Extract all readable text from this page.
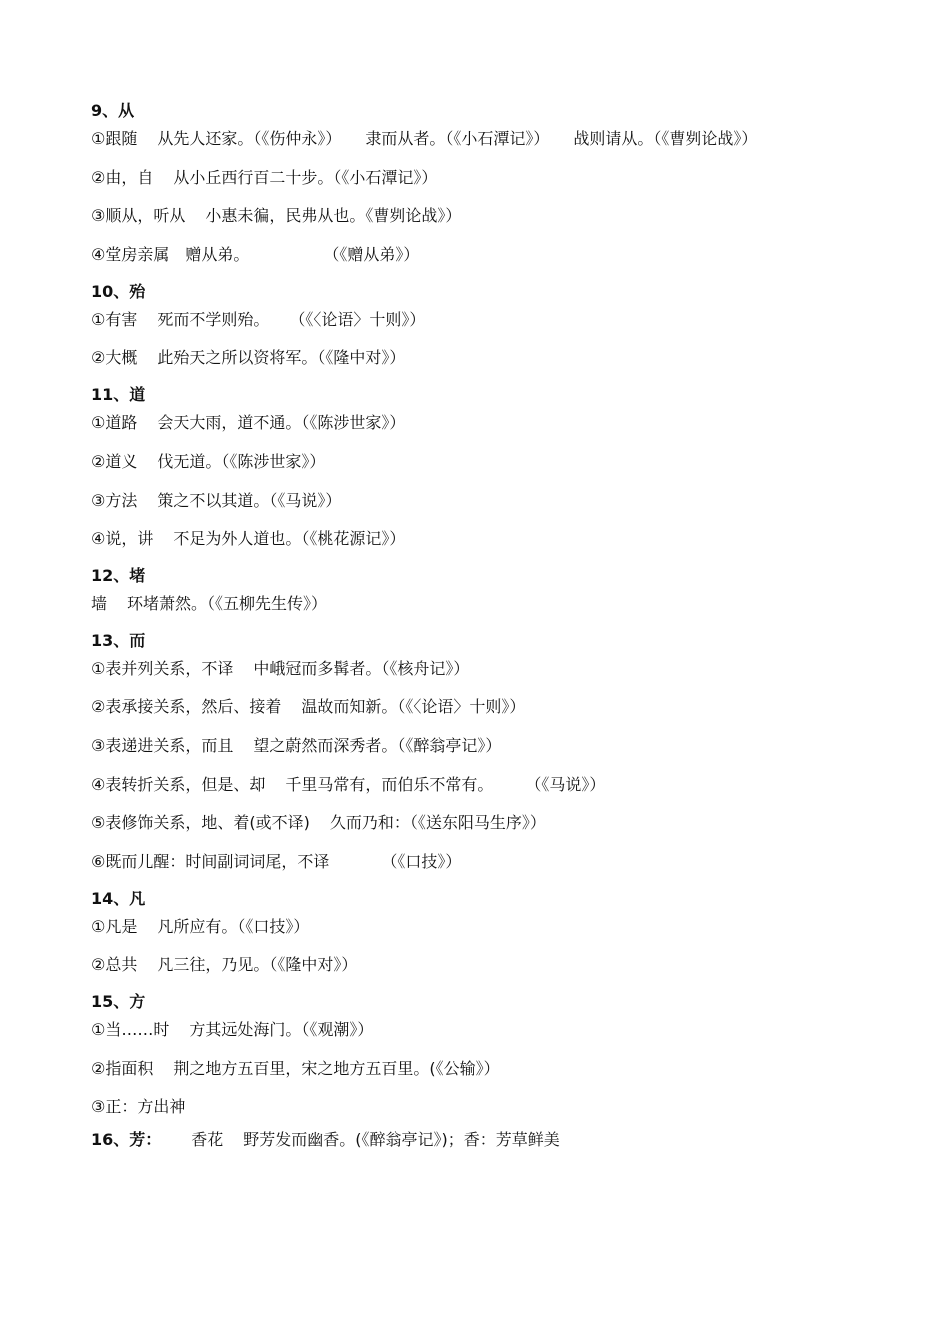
9、从
①跟随 从先人还家。（《伤仲永》） 隶而从者。（《小石潭记》） 战则请从。（《曹刿论战》）
②由，自 从小丘西行百二十步。（《小石潭记》）
③顺从，听从 小惠未徧，民弗从也。《曹刿论战》）
④堂房亲属 赠从弟。	（《赠从弟》）
10、殆
①有害 死而不学则殆。 （《〈论语〉十则》）
②大概 此殆天之所以资将军。（《隆中对》）
11、道
①道路 会天大雨，道不通。（《陈涉世家》）
②道义 伐无道。（《陈涉世家》）
③方法 策之不以其道。（《马说》）
④说，讲 不足为外人道也。（《桃花源记》）
12、堵
墙 环堵萧然。（《五柳先生传》）
13、而
①表并列关系，不译 中峨冠而多髯者。（《核舟记》）
②表承接关系，然后、接着 温故而知新。（《〈论语〉十则》）
③表递进关系，而且 望之蔚然而深秀者。（《醉翁亭记》）
④表转折关系，但是、却 千里马常有，而伯乐不常有。 （《马说》）
⑤表修饰关系，地、着(或不译) 久而乃和：（《送东阳马生序》）
⑥既而儿醒：时间副词词尾，不译	（《口技》）
14、凡
①凡是 凡所应有。（《口技》）
②总共 凡三往，乃见。（《隆中对》）
15、方
①当……时 方其远处海门。（《观潮》）
②指面积 荆之地方五百里，宋之地方五百里。(《公输》）
③正：方出神
16、芳： 香花 野芳发而幽香。(《醉翁亭记》)；香：芳草鲜美
